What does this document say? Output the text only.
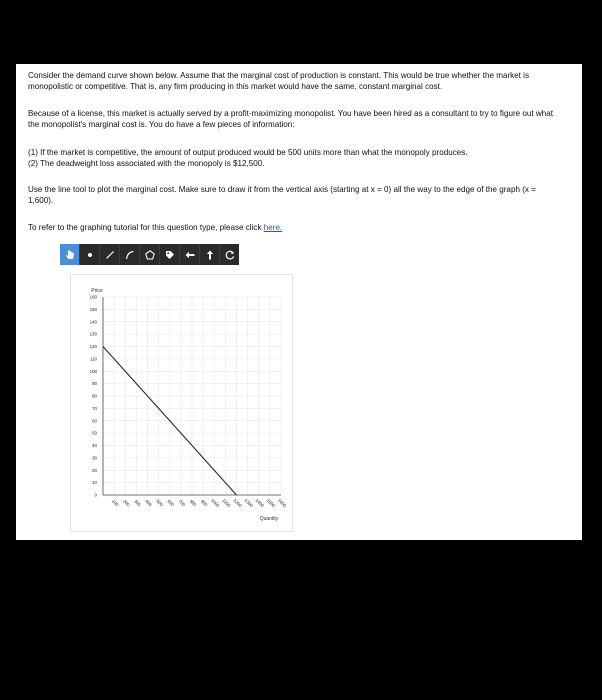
Consider the demand curve shown below. Assume that the marginal cost of production is constant. This would be true whether the market is monopolistic or competitive. That is, any firm producing in this market would have the same, constant marginal cost.

Because of a license, this market is actually served by a profit-maximizing monopolist. You have been hired as a consultant to try to figure out what the monopolist's marginal cost is. You do have a few pieces of information:

(1) If the market is competitive, the amount of output produced would be 500 units more than what the monopoly produces.

(2) The deadweight loss associated with the monopoly is $12,500.

Use the line tool to plot the marginal cost. Make sure to draw it from the vertical axis (starting at x = 0) all the way to the edge of the graph (x = 1,600).

To refer to the graphing tutorial for this question type, please click here.

0
10
20
30
40
50
60
70
80
90
100
110
120
130
140
150
160
100 200 300 400 500 600 700 800 900 1000 1100 1200 1300 1400 1500 1600
Price
Quantity
